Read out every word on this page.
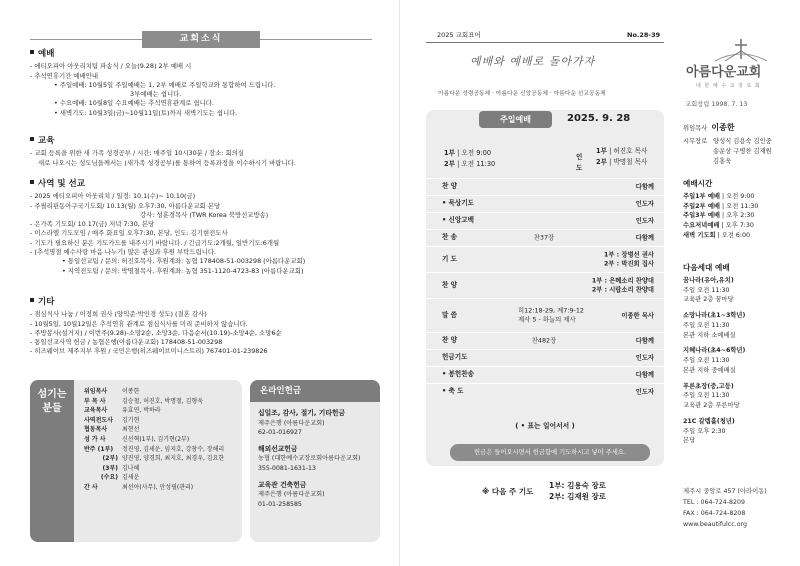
교회소식
예배
- 에티오피아 아웃리치팀 파송식 / 오늘(9.28) 2부 예배 시
- 추석연휴기간 예배안내
• 주일예배: 10월5일 주일예배는 1, 2부 예배로 주일학교와 통합하여 드립니다.
3부예배는 쉽니다.
• 수요예배: 10월8일 수요예배는 추석연휴관계로 쉽니다.
• 새벽기도: 10월3일(금)~10월11일(토)까지 새벽기도는 쉽니다.
교육
- 교회 등록을 위한 새 가족 성경공부 / 시간: 매주일 10시30분 / 장소: 회의실
새로 나오시는 성도님들께서는 (새가족 성경공부)를 통하여 등록과정을 이수하시기 바랍니다.
사역 및 선교
- 2025 에티오피아 아웃리치 / 일정: 10.1(수)~ 10.10(금)
- 주필리핀동아구국기도회/ 10.13(월) 오후7:30, 아름다운교회 본당
강사: 성훈경목사 (TWR Korea 북방선교방송)
- 은가족 기도회/ 10.17(금) 저녁 7:30, 본당
- 이스라엘 기도모임 / 매주 화요일 오후7:30, 본당, 인도: 김기현전도사
- 기도가 필요하신 분은 기도카드를 내주시기 바랍니다. / 긴급기도:2개월, 일반기도:6개월
- (추석명절 예수사랑 마음 나누기) 많은 관심과 후원 부탁드립니다.
• 통일선교팀 / 문의: 허진호목사, 후원계좌: 농협 178408-51-003298 (아름다운교회)
• 지역전도팀 / 문의: 박명철목사, 후원계좌: 농협 351-1120-4723-83 (아름다운교회)
기타
- 점심식사 나눔 / 이정희 권사 (양익준·박인경 성도) (결혼 감사)
- 10월5일, 10월12일은 추석연휴 관계로 점심식사를 미리 준비하지 않습니다.
- 주방봉사(설거지) / 이번주(9.28)-소망2순, 소망3순, 다음순서(10.19)-소망4순, 소망6순
- 통일선교사역 헌금 / 농협은행(아름다운교회) 178408-51-003298
- 히즈웨이브 제주지부 후원 / 국민은행(히즈웨이브미니스트리) 767401-01-239826
섬기는
분들
위임목사 이종한
부 목 사	김승철, 허진호, 박명철, 김형욱
교육목사 유효연, 박하라
사역전도사 김기현
협동목사 최현선
성 가 사	신선혁(1부), 김기현(2부)
반주 (1부) 정진영, 김세운, 임지호, 강창수, 장해리
(2부) 양진영, 양경희, 최지호, 최경우, 김요한
(3부) 김나혜
(수요) 김세운
간 사	최선아(사무), 안성필(관리)
온라인헌금
십일조, 감사, 절기, 기타헌금
제주은행 (아름다운교회)
62-01-016927
해외선교헌금
농협 (대한예수교장로회아름다운교회)
355-0081-1631-13
교육관 건축헌금
제주은행 (아름다운교회)
01-01-258585
2025 교회표어	No.28-39
예배와 예배로 돌아가자
아름다운 성령공동체 · 아름다운 신앙공동체 · 아름다운 선교공동체
주일예배	2025. 9. 28
1부 | 오전 9:00
2부 | 오전 11:30
인도
1부 | 허진호 목사
2부 | 박명철 목사
찬 양	다함께
• 묵상기도	인도자
• 신앙고백	인도자
찬 송	찬37장	다함께
기 도
1부 : 장병선 권사
2부 : 박진희 집사
찬 양
1부 : 은혜소리 찬양대
2부 : 시랍소리 찬양대
말 씀
히12:18-29, 계7:9-12
제사 5 - 하늘의 제사
이종한 목사
찬 양	찬482장	다함께
헌금기도	인도자
• 봉헌찬송	다함께
• 축 도	인도자
( • 표는 일어서서 )
헌금은 들어오시면서 헌금함에 기도하시고 넣어 주세요.
※ 다음 주 기도
1부: 김용숙 장로
2부: 김재원 장로
아름다운교회
대 한 예 수 교 장 로 회
교회창립 1998. 7. 13
위임목사 이종한
시무장로 양성식 김용숙 김인중
송운상 구병찬 김재원
김홍욱
예배시간
주일1부 예배 | 오전 9:00
주일2부 예배 | 오전 11:30
주일3부 예배 | 오후 2:30
수요저녁예배 | 오후 7:30
새벽 기도회 | 오전 6:00
다음세대 예배
꿈나라(유아,유치)
주일 오전 11:30
교육관 2층 꿈마당
소망나라(초1~3학년)
주일 오전 11:30
본관 지하 소예배실
지혜나라(초4~6학년)
주일 오전 11:30
본관 지하 중예배실
푸른초장(중,고등)
주일 오전 11:30
교육관 2층 푸른마당
21C 갈렙홀(청년)
주일 오후 2:30
본당
제주시 중앙로 457 (아라이동)
TEL : 064-724-8209
FAX : 064-724-8208
www.beautifulcc.org
